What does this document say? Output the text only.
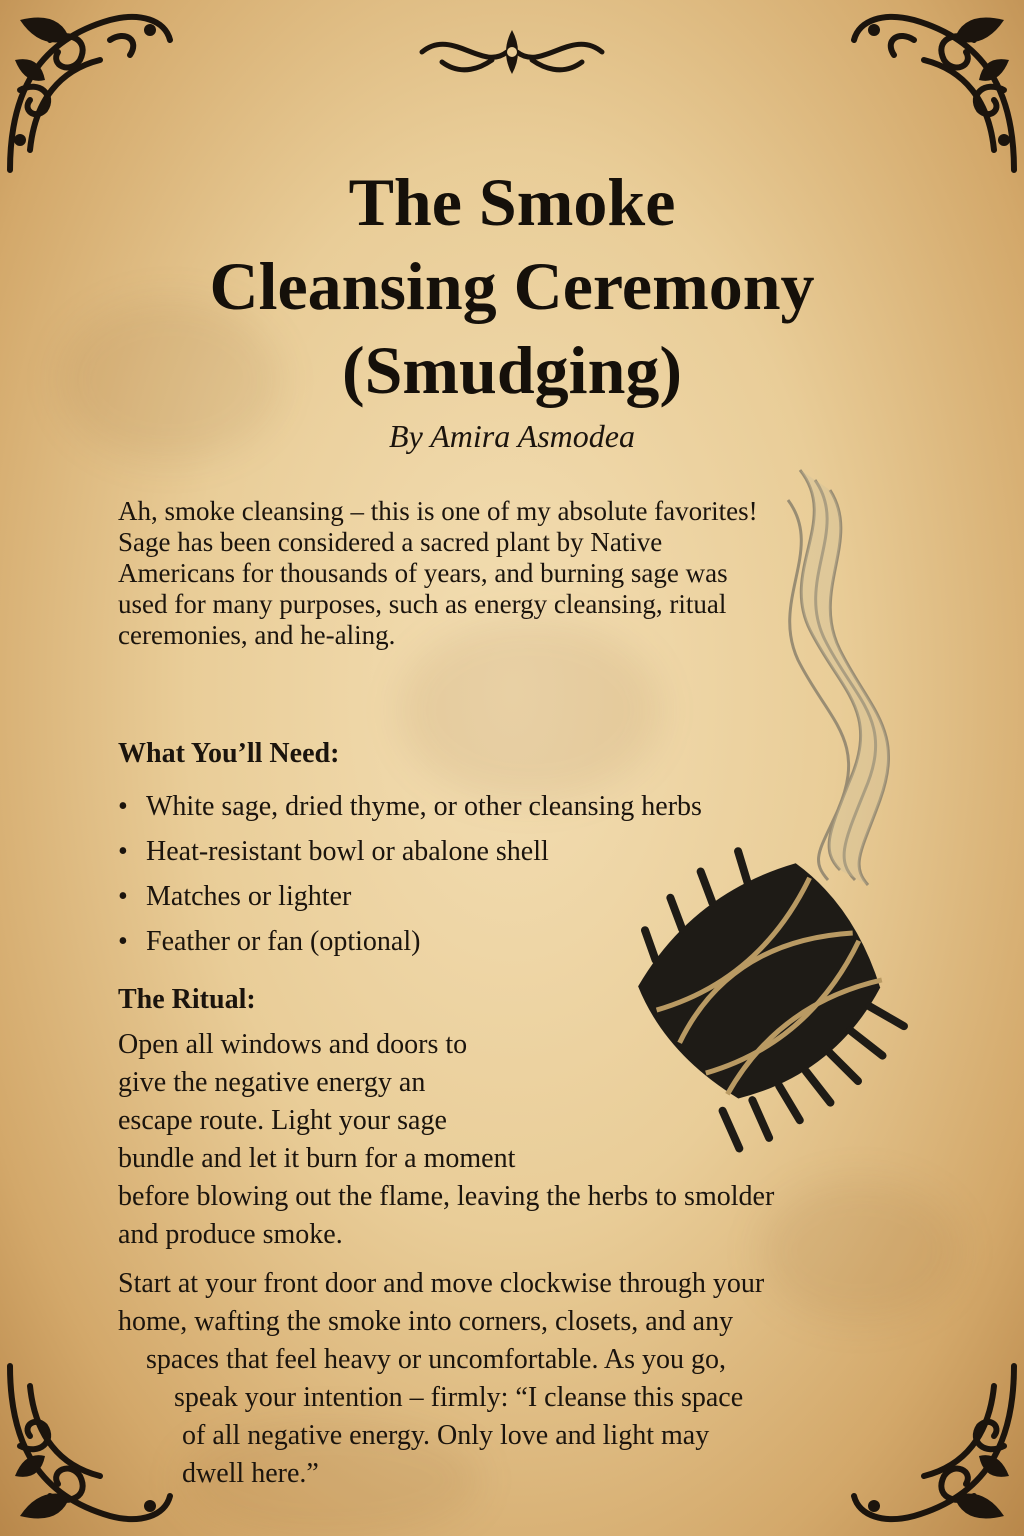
The Smoke
Cleansing Ceremony
(Smudging)

By Amira Asmodea

Ah, smoke cleansing – this is one of my absolute favorites! Sage has been considered a sacred plant by Native Americans for thousands of years, and burning sage was used for many purposes, such as energy cleansing, ritual ceremonies, and he-aling.

What You’ll Need:
• White sage, dried thyme, or other cleansing herbs
• Heat-resistant bowl or abalone shell
• Matches or lighter
• Feather or fan (optional)
The Ritual:

Open all windows and doors to
give the negative energy an
escape route. Light your sage
bundle and let it burn for a moment
before blowing out the flame, leaving the herbs to smolder
and produce smoke.

Start at your front door and move clockwise through your
home, wafting the smoke into corners, closets, and any
spaces that feel heavy or uncomfortable. As you go,
speak your intention – firmly: “I cleanse this space
of all negative energy. Only love and light may
dwell here.”
